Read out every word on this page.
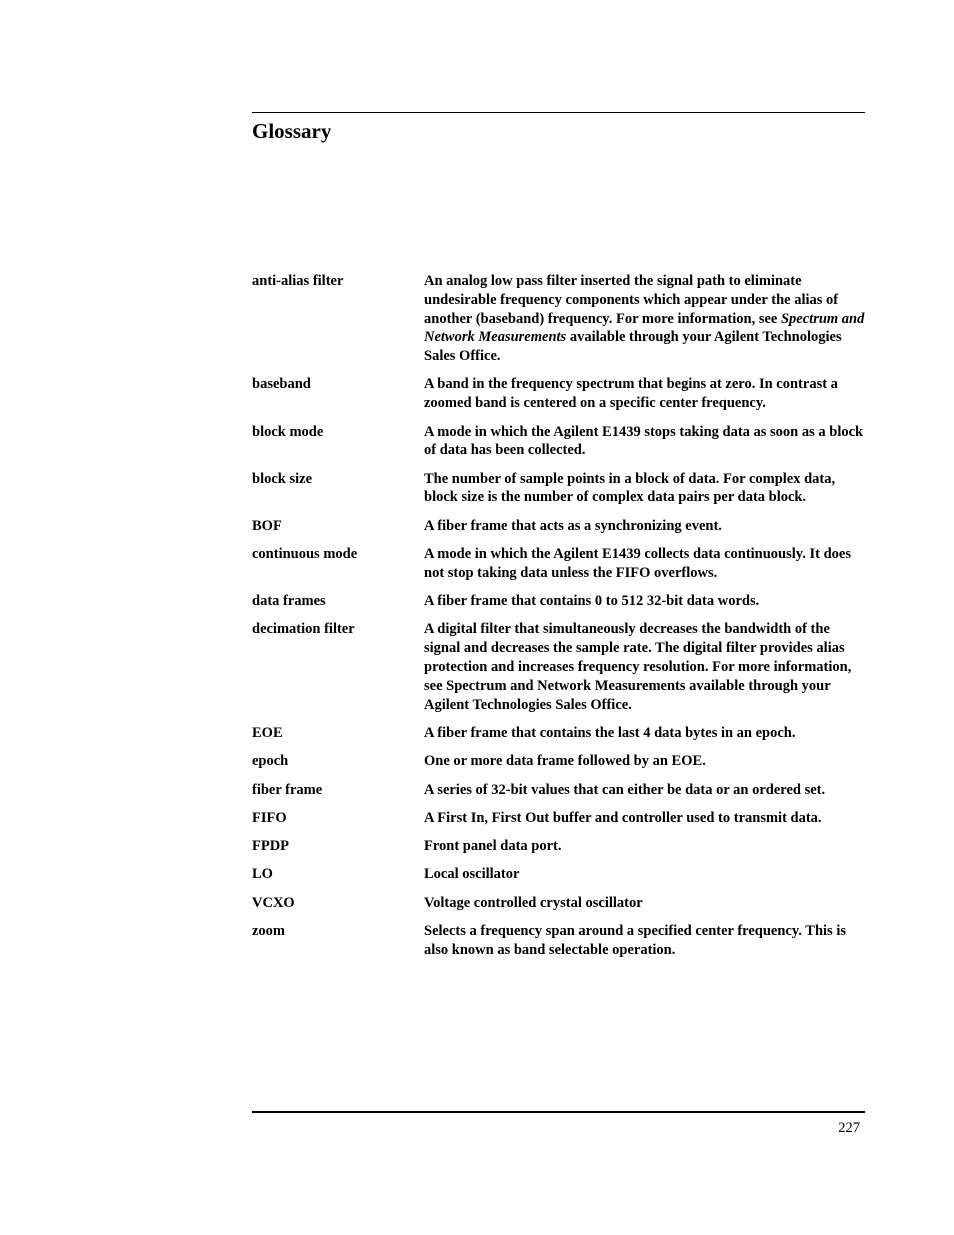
Glossary
anti-alias filter	An analog low pass filter inserted the signal path to eliminate undesirable frequency components which appear under the alias of another (baseband) frequency. For more information, see Spectrum and Network Measurements available through your Agilent Technologies Sales Office.
baseband	A band in the frequency spectrum that begins at zero. In contrast a zoomed band is centered on a specific center frequency.
block mode	A mode in which the Agilent E1439 stops taking data as soon as a block of data has been collected.
block size	The number of sample points in a block of data. For complex data, block size is the number of complex data pairs per data block.
BOF	A fiber frame that acts as a synchronizing event.
continuous mode	A mode in which the Agilent E1439 collects data continuously. It does not stop taking data unless the FIFO overflows.
data frames	A fiber frame that contains 0 to 512 32-bit data words.
decimation filter	A digital filter that simultaneously decreases the bandwidth of the signal and decreases the sample rate. The digital filter provides alias protection and increases frequency resolution. For more information, see Spectrum and Network Measurements available through your Agilent Technologies Sales Office.
EOE	A fiber frame that contains the last 4 data bytes in an epoch.
epoch	One or more data frame followed by an EOE.
fiber frame	A series of 32-bit values that can either be data or an ordered set.
FIFO	A First In, First Out buffer and controller used to transmit data.
FPDP	Front panel data port.
LO	Local oscillator
VCXO	Voltage controlled crystal oscillator
zoom	Selects a frequency span around a specified center frequency. This is also known as band selectable operation.
227
